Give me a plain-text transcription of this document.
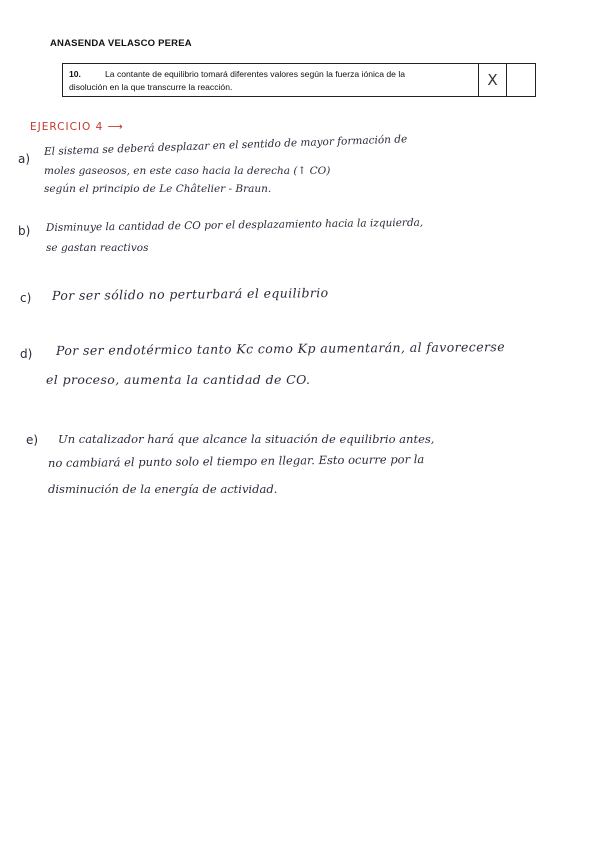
ANASENDA VELASCO PEREA
10.	La contante de equilibrio tomará diferentes valores según la fuerza iónica de la
disolución en la que transcurre la reacción.	X
EJERCICIO 4 ⟶
a)
El sistema se deberá desplazar en el sentido de mayor formación de
moles gaseosos, en este caso hacia la derecha (↑ CO)
según el principio de Le Châtelier - Braun.
b) Disminuye la cantidad de CO por el desplazamiento hacia la izquierda,
se gastan reactivos
c) Por ser sólido no perturbará el equilibrio
d) Por ser endotérmico tanto Kc como Kp aumentarán, al favorecerse
el proceso, aumenta la cantidad de CO.
e) Un catalizador hará que alcance la situación de equilibrio antes,
no cambiará el punto solo el tiempo en llegar. Esto ocurre por la
disminución de la energía de actividad.
